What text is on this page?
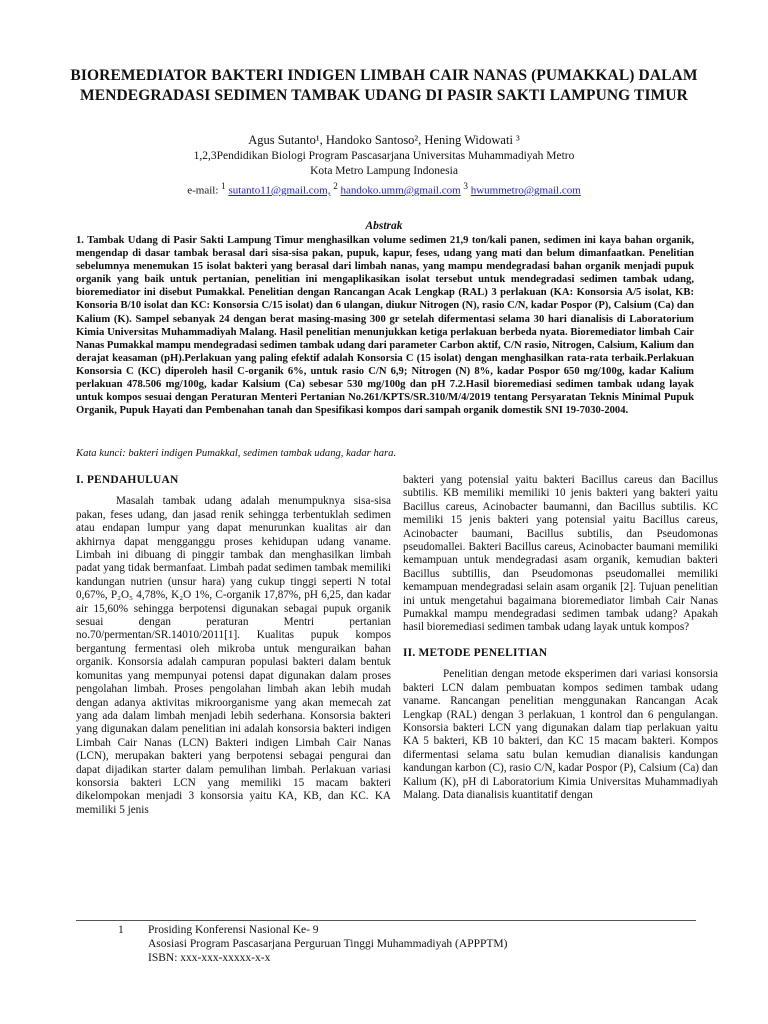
BIOREMEDIATOR BAKTERI INDIGEN LIMBAH CAIR NANAS (PUMAKKAL) DALAM MENDEGRADASI SEDIMEN TAMBAK UDANG DI PASIR SAKTI LAMPUNG TIMUR
Agus Sutanto¹, Handoko Santoso², Hening Widowati ³
1,2,3Pendidikan Biologi Program Pascasarjana Universitas Muhammadiyah Metro
Kota Metro Lampung Indonesia
e-mail: $^1$ sutanto11@gmail.com, $^2$ handoko.umm@gmail.com $^3$ hwummetro@gmail.com
Abstrak
1. Tambak Udang di Pasir Sakti Lampung Timur menghasilkan volume sedimen 21,9 ton/kali panen, sedimen ini kaya bahan organik, mengendap di dasar tambak berasal dari sisa-sisa pakan, pupuk, kapur, feses, udang yang mati dan belum dimanfaatkan. Penelitian sebelumnya menemukan 15 isolat bakteri yang berasal dari limbah nanas, yang mampu mendegradasi bahan organik menjadi pupuk organik yang baik untuk pertanian, penelitian ini mengaplikasikan isolat tersebut untuk mendegradasi sedimen tambak udang, bioremediator ini disebut Pumakkal. Penelitian dengan Rancangan Acak Lengkap (RAL) 3 perlakuan (KA: Konsorsia A/5 isolat, KB: Konsoria B/10 isolat dan KC: Konsorsia C/15 isolat) dan 6 ulangan, diukur Nitrogen (N), rasio C/N, kadar Pospor (P), Calsium (Ca) dan Kalium (K). Sampel sebanyak 24 dengan berat masing-masing 300 gr setelah difermentasi selama 30 hari dianalisis di Laboratorium Kimia Universitas Muhammadiyah Malang. Hasil penelitian menunjukkan ketiga perlakuan berbeda nyata. Bioremediator limbah Cair Nanas Pumakkal mampu mendegradasi sedimen tambak udang dari parameter Carbon aktif, C/N rasio, Nitrogen, Calsium, Kalium dan derajat keasaman (pH).Perlakuan yang paling efektif adalah Konsorsia C (15 isolat) dengan menghasilkan rata-rata terbaik.Perlakuan Konsorsia C (KC) diperoleh hasil C-organik 6%, untuk rasio C/N 6,9; Nitrogen (N) 8%, kadar Pospor 650 mg/100g, kadar Kalium perlakuan 478.506 mg/100g, kadar Kalsium (Ca) sebesar 530 mg/100g dan pH 7.2.Hasil bioremediasi sedimen tambak udang layak untuk kompos sesuai dengan Peraturan Menteri Pertanian No.261/KPTS/SR.310/M/4/2019 tentang Persyaratan Teknis Minimal Pupuk Organik, Pupuk Hayati dan Pembenahan tanah dan Spesifikasi kompos dari sampah organik domestik SNI 19-7030-2004.
Kata kunci: bakteri indigen Pumakkal, sedimen tambak udang, kadar hara.
I. PENDAHULUAN

Masalah tambak udang adalah menumpuknya sisa-sisa pakan, feses udang, dan jasad renik sehingga terbentuklah sedimen atau endapan lumpur yang dapat menurunkan kualitas air dan akhirnya dapat mengganggu proses kehidupan udang vaname. Limbah ini dibuang di pinggir tambak dan menghasilkan limbah padat yang tidak bermanfaat. Limbah padat sedimen tambak memiliki kandungan nutrien (unsur hara) yang cukup tinggi seperti N total 0,67%, P₂O₅ 4,78%, K₂O 1%, C-organik 17,87%, pH 6,25, dan kadar air 15,60% sehingga berpotensi digunakan sebagai pupuk organik sesuai dengan peraturan Mentri pertanian no.70/permentan/SR.14010/2011[1]. Kualitas pupuk kompos bergantung fermentasi oleh mikroba untuk menguraikan bahan organik. Konsorsia adalah campuran populasi bakteri dalam bentuk komunitas yang mempunyai potensi dapat digunakan dalam proses pengolahan limbah. Proses pengolahan limbah akan lebih mudah dengan adanya aktivitas mikroorganisme yang akan memecah zat yang ada dalam limbah menjadi lebih sederhana. Konsorsia bakteri yang digunakan dalam penelitian ini adalah konsorsia bakteri indigen Limbah Cair Nanas (LCN) Bakteri indigen Limbah Cair Nanas (LCN), merupakan bakteri yang berpotensi sebagai pengurai dan dapat dijadikan starter dalam pemulihan limbah. Perlakuan variasi konsorsia bakteri LCN yang memiliki 15 macam bakteri dikelompokan menjadi 3 konsorsia yaitu KA, KB, dan KC. KA memiliki 5 jenis

bakteri yang potensial yaitu bakteri Bacillus careus dan Bacillus subtilis. KB memiliki memiliki 10 jenis bakteri yang bakteri yaitu Bacillus careus, Acinobacter baumanni, dan Bacillus subtilis. KC memiliki 15 jenis bakteri yang potensial yaitu Bacillus careus, Acinobacter baumani, Bacillus subtilis, dan Pseudomonas pseudomallei. Bakteri Bacillus careus, Acinobacter baumani memiliki kemampuan untuk mendegradasi asam organik, kemudian bakteri Bacillus subtillis, dan Pseudomonas pseudomallei memiliki kemampuan mendegradasi selain asam organik [2]. Tujuan penelitian ini untuk mengetahui bagaimana bioremediator limbah Cair Nanas Pumakkal mampu mendegradasi sedimen tambak udang? Apakah hasil bioremediasi sedimen tambak udang layak untuk kompos?

II. METODE PENELITIAN

Penelitian dengan metode eksperimen dari variasi konsorsia bakteri LCN dalam pembuatan kompos sedimen tambak udang vaname. Rancangan penelitian menggunakan Rancangan Acak Lengkap (RAL) dengan 3 perlakuan, 1 kontrol dan 6 pengulangan. Konsorsia bakteri LCN yang digunakan dalam tiap perlakuan yaitu KA 5 bakteri, KB 10 bakteri, dan KC 15 macam bakteri. Kompos difermentasi selama satu bulan kemudian dianalisis kandungan kandungan karbon (C), rasio C/N, kadar Pospor (P), Calsium (Ca) dan Kalium (K), pH di Laboratorium Kimia Universitas Muhammadiyah Malang. Data dianalisis kuantitatif dengan

1 Prosiding Konferensi Nasional Ke- 9
Asosiasi Program Pascasarjana Perguruan Tinggi Muhammadiyah (APPPTM)
ISBN: xxx-xxx-xxxxx-x-x
